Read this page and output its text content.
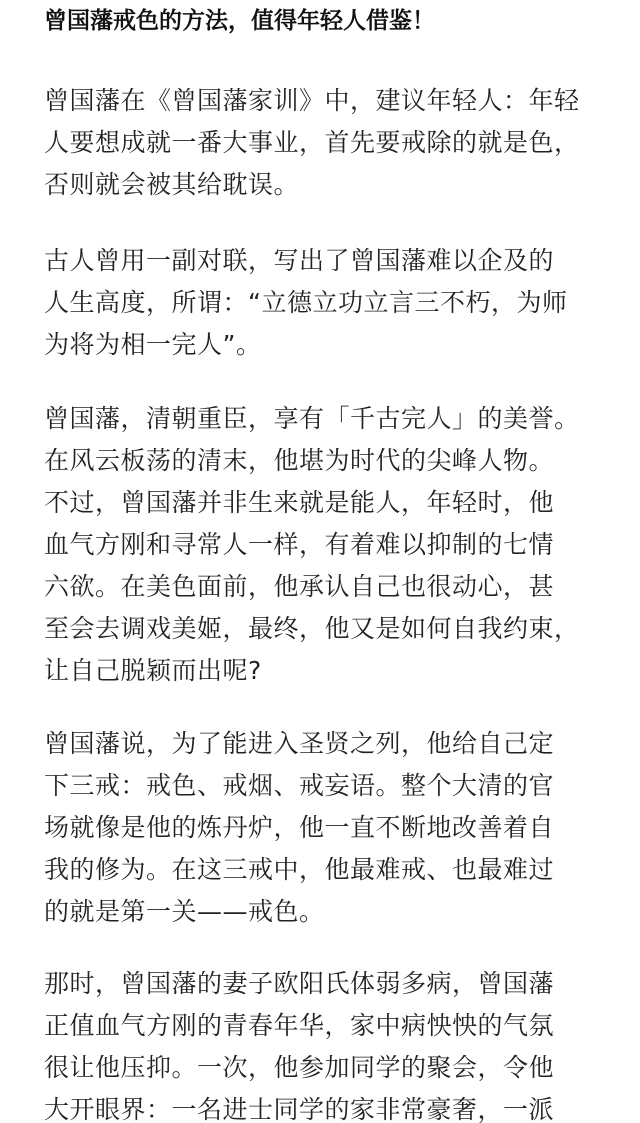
曾国藩戒色的方法，值得年轻人借鉴！
曾国藩在《曾国藩家训》中，建议年轻人：年轻
人要想成就一番大事业，首先要戒除的就是色，
否则就会被其给耽误。
古人曾用一副对联，写出了曾国藩难以企及的
人生高度，所谓：“立德立功立言三不朽，为师
为将为相一完人”。
曾国藩，清朝重臣，享有「千古完人」的美誉。
在风云板荡的清末，他堪为时代的尖峰人物。
不过，曾国藩并非生来就是能人，年轻时，他
血气方刚和寻常人一样，有着难以抑制的七情
六欲。在美色面前，他承认自己也很动心，甚
至会去调戏美姬，最终，他又是如何自我约束，
让自己脱颖而出呢?
曾国藩说，为了能进入圣贤之列，他给自己定
下三戒：戒色、戒烟、戒妄语。整个大清的官
场就像是他的炼丹炉，他一直不断地改善着自
我的修为。在这三戒中，他最难戒、也最难过
的就是第一关——戒色。
那时，曾国藩的妻子欧阳氏体弱多病，曾国藩
正值血气方刚的青春年华，家中病怏怏的气氛
很让他压抑。一次，他参加同学的聚会，令他
大开眼界：一名进士同学的家非常豪奢，一派
